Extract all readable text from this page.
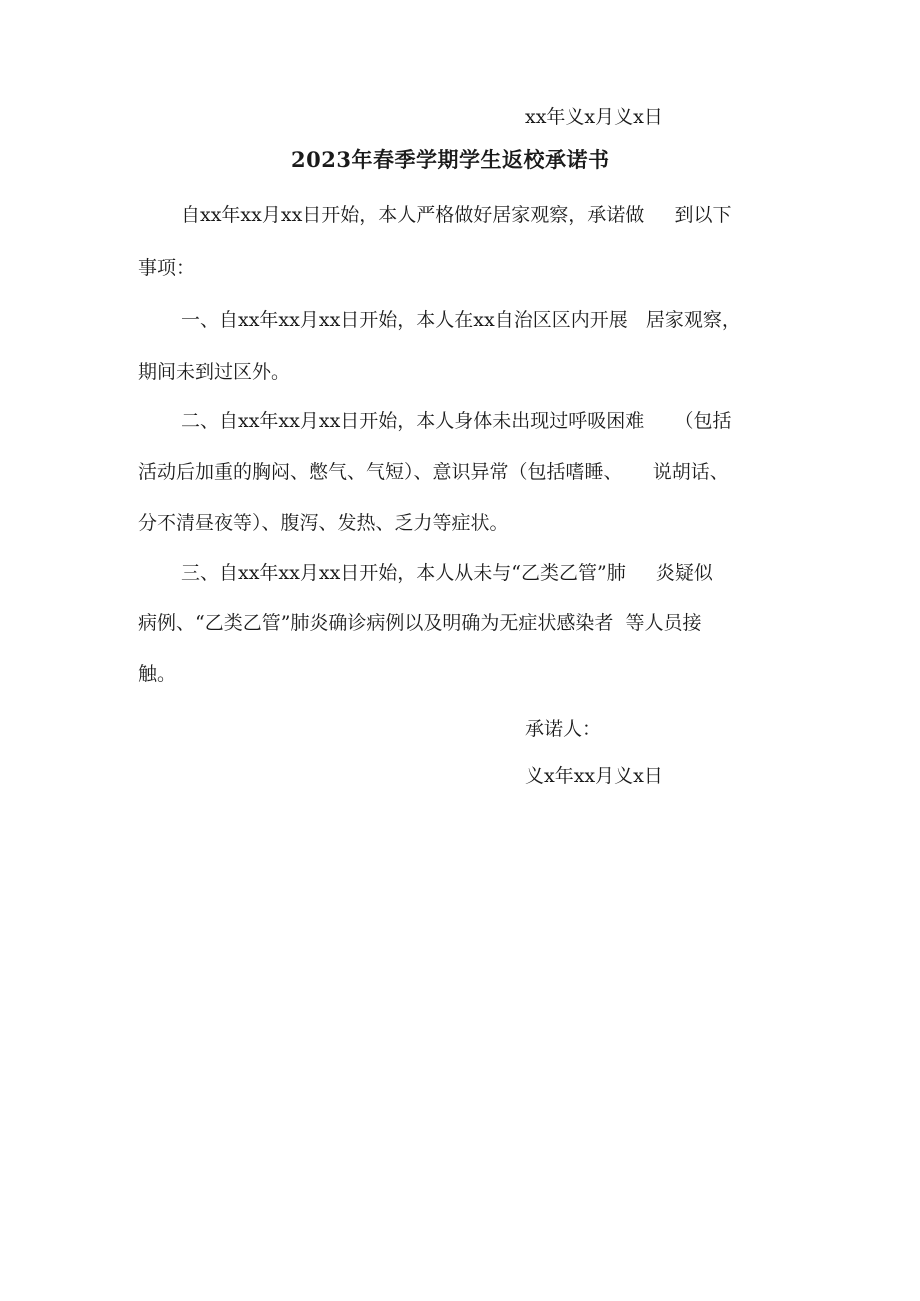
xx年义x月义x日
2023年春季学期学生返校承诺书
自xx年xx月xx日开始，本人严格做好居家观察，承诺做     到以下
事项：
一、自xx年xx月xx日开始，本人在xx自治区区内开展   居家观察，
期间未到过区外。
二、自xx年xx月xx日开始，本人身体未出现过呼吸困难     （包括
活动后加重的胸闷、憋气、气短）、意识异常（包括嗜睡、     说胡话、
分不清昼夜等）、腹泻、发热、乏力等症状。
三、自xx年xx月xx日开始，本人从未与“乙类乙管”肺     炎疑似
病例、“乙类乙管”肺炎确诊病例以及明确为无症状感染者  等人员接
触。
承诺人：
义x年xx月义x日
